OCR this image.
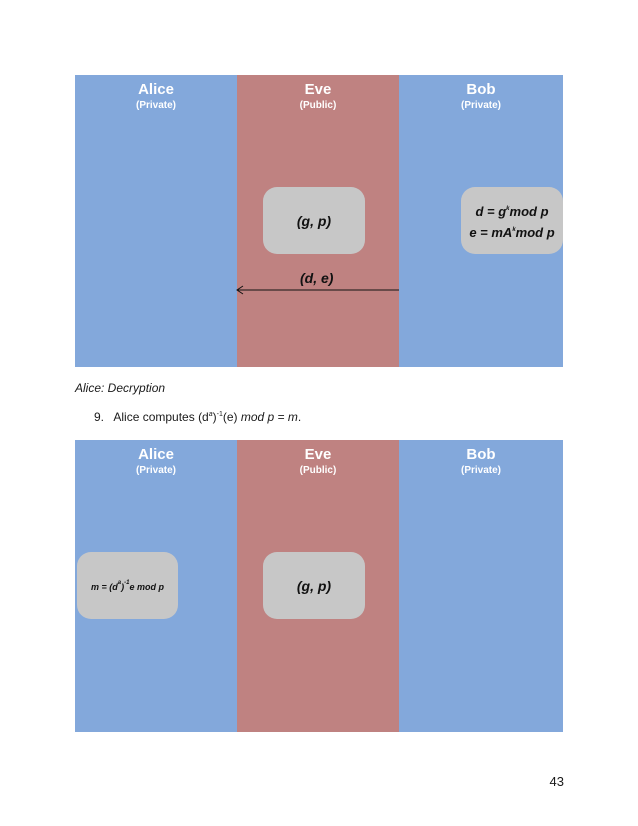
Alice
(Private)
Eve
(Public)
Bob
(Private)
(g, p)
$d = g^kmod$ p
$e = mA^kmod$ p
(d, e)
Alice: Decryption
9. Alice computes $(d^a)^{-1}(e)$ mod p = m.
Alice
(Private)
Eve
(Public)
Bob
(Private)
$m = (d^a)^{-1}e$ mod p	(g, p)
43
